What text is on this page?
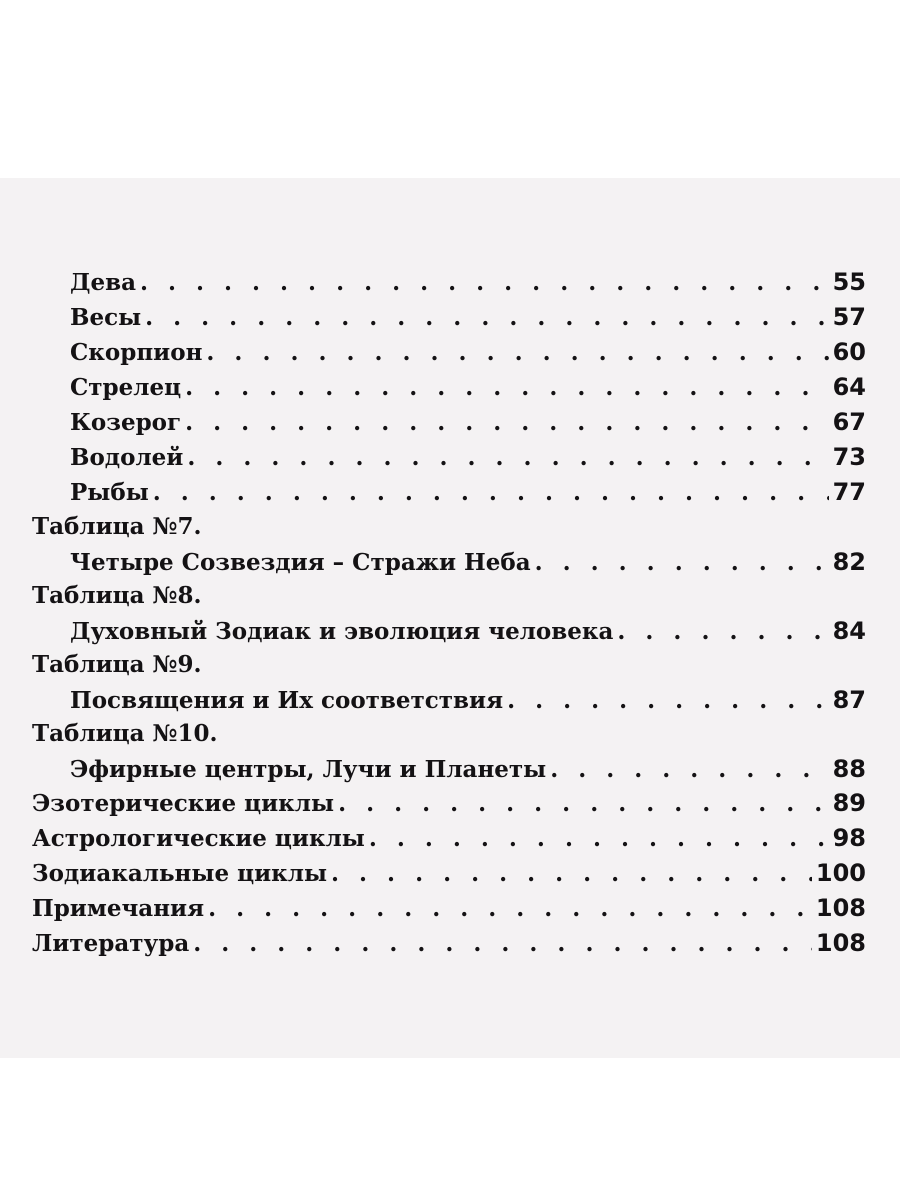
Дева . . .	55
Весы . . .	57
Скорпион . . .	60
Стрелец . . .	64
Козерог . . .	67
Водолей . . .	73
Рыбы . . .	77
Таблица №7.
Четыре Созвездия – Стражи Неба . . .	82
Таблица №8.
Духовный Зодиак и эволюция человека . . .	84
Таблица №9.
Посвящения и Их соответствия . . .	87
Таблица №10.
Эфирные центры, Лучи и Планеты . . .	88
Эзотерические циклы . . .	89
Астрологические циклы . . .	98
Зодиакальные циклы . . .	100
Примечания . . .	108
Литература . . .	108
